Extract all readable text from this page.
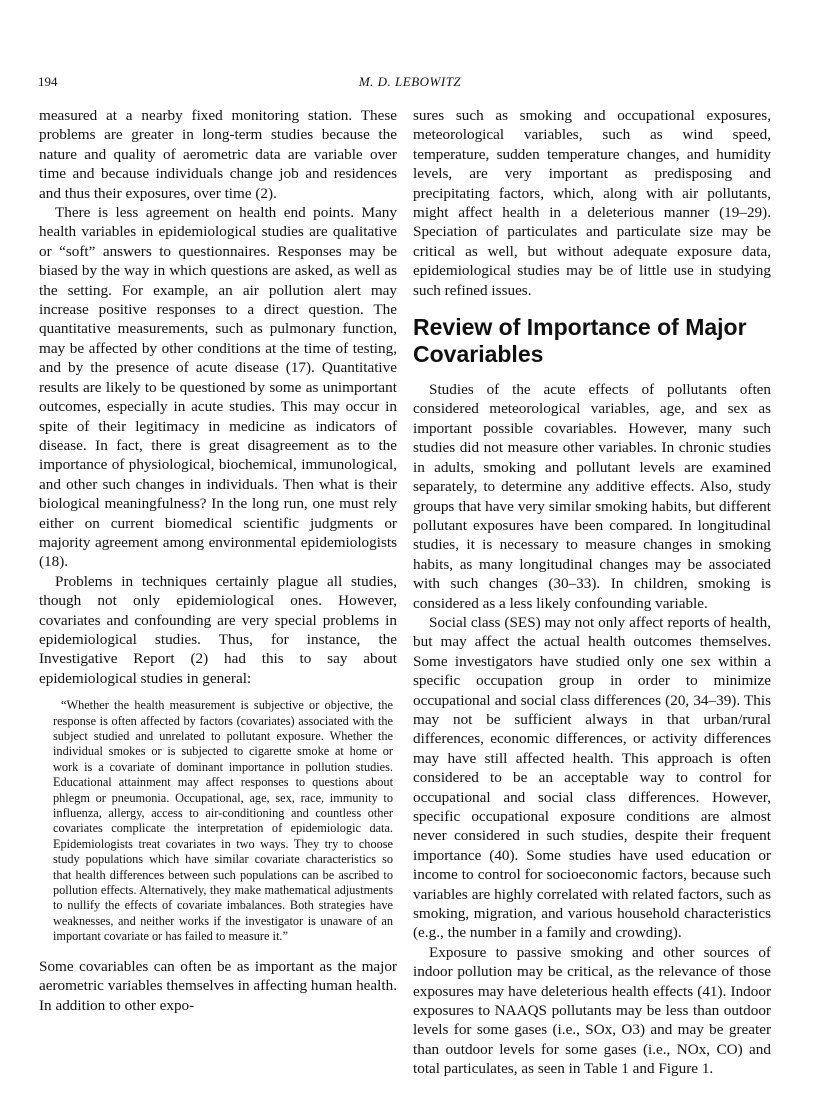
194	M. D. LEBOWITZ

measured at a nearby fixed monitoring station. These problems are greater in long-term studies because the nature and quality of aerometric data are variable over time and because individuals change job and residences and thus their exposures, over time (2).

There is less agreement on health end points. Many health variables in epidemiological studies are qualitative or “soft” answers to questionnaires. Responses may be biased by the way in which questions are asked, as well as the setting. For example, an air pollution alert may increase positive responses to a direct question. The quantitative measurements, such as pulmonary function, may be affected by other conditions at the time of testing, and by the presence of acute disease (17). Quantitative results are likely to be questioned by some as unimportant outcomes, especially in acute studies. This may occur in spite of their legitimacy in medicine as indicators of disease. In fact, there is great disagreement as to the importance of physiological, biochemical, immunological, and other such changes in individuals. Then what is their biological meaningfulness? In the long run, one must rely either on current biomedical scientific judgments or majority agreement among environmental epidemiologists (18).

Problems in techniques certainly plague all studies, though not only epidemiological ones. However, covariates and confounding are very special problems in epidemiological studies. Thus, for instance, the Investigative Report (2) had this to say about epidemiological studies in general:

“Whether the health measurement is subjective or objective, the response is often affected by factors (covariates) associated with the subject studied and unrelated to pollutant exposure. Whether the individual smokes or is subjected to cigarette smoke at home or work is a covariate of dominant importance in pollution studies. Educational attainment may affect responses to questions about phlegm or pneumonia. Occupational, age, sex, race, immunity to influenza, allergy, access to air-conditioning and countless other covariates complicate the interpretation of epidemiologic data. Epidemiologists treat covariates in two ways. They try to choose study populations which have similar covariate characteristics so that health differences between such populations can be ascribed to pollution effects. Alternatively, they make mathematical adjustments to nullify the effects of covariate imbalances. Both strategies have weaknesses, and neither works if the investigator is unaware of an important covariate or has failed to measure it.”

Some covariables can often be as important as the major aerometric variables themselves in affecting human health. In addition to other expo-

sures such as smoking and occupational exposures, meteorological variables, such as wind speed, temperature, sudden temperature changes, and humidity levels, are very important as predisposing and precipitating factors, which, along with air pollutants, might affect health in a deleterious manner (19–29). Speciation of particulates and particulate size may be critical as well, but without adequate exposure data, epidemiological studies may be of little use in studying such refined issues.

Review of Importance of Major Covariables

Studies of the acute effects of pollutants often considered meteorological variables, age, and sex as important possible covariables. However, many such studies did not measure other variables. In chronic studies in adults, smoking and pollutant levels are examined separately, to determine any additive effects. Also, study groups that have very similar smoking habits, but different pollutant exposures have been compared. In longitudinal studies, it is necessary to measure changes in smoking habits, as many longitudinal changes may be associated with such changes (30–33). In children, smoking is considered as a less likely confounding variable.

Social class (SES) may not only affect reports of health, but may affect the actual health outcomes themselves. Some investigators have studied only one sex within a specific occupation group in order to minimize occupational and social class differences (20, 34–39). This may not be sufficient always in that urban/rural differences, economic differences, or activity differences may have still affected health. This approach is often considered to be an acceptable way to control for occupational and social class differences. However, specific occupational exposure conditions are almost never considered in such studies, despite their frequent importance (40). Some studies have used education or income to control for socioeconomic factors, because such variables are highly correlated with related factors, such as smoking, migration, and various household characteristics (e.g., the number in a family and crowding).

Exposure to passive smoking and other sources of indoor pollution may be critical, as the relevance of those exposures may have deleterious health effects (41). Indoor exposures to NAAQS pollutants may be less than outdoor levels for some gases (i.e., SOx, O3) and may be greater than outdoor levels for some gases (i.e., NOx, CO) and total particulates, as seen in Table 1 and Figure 1.
